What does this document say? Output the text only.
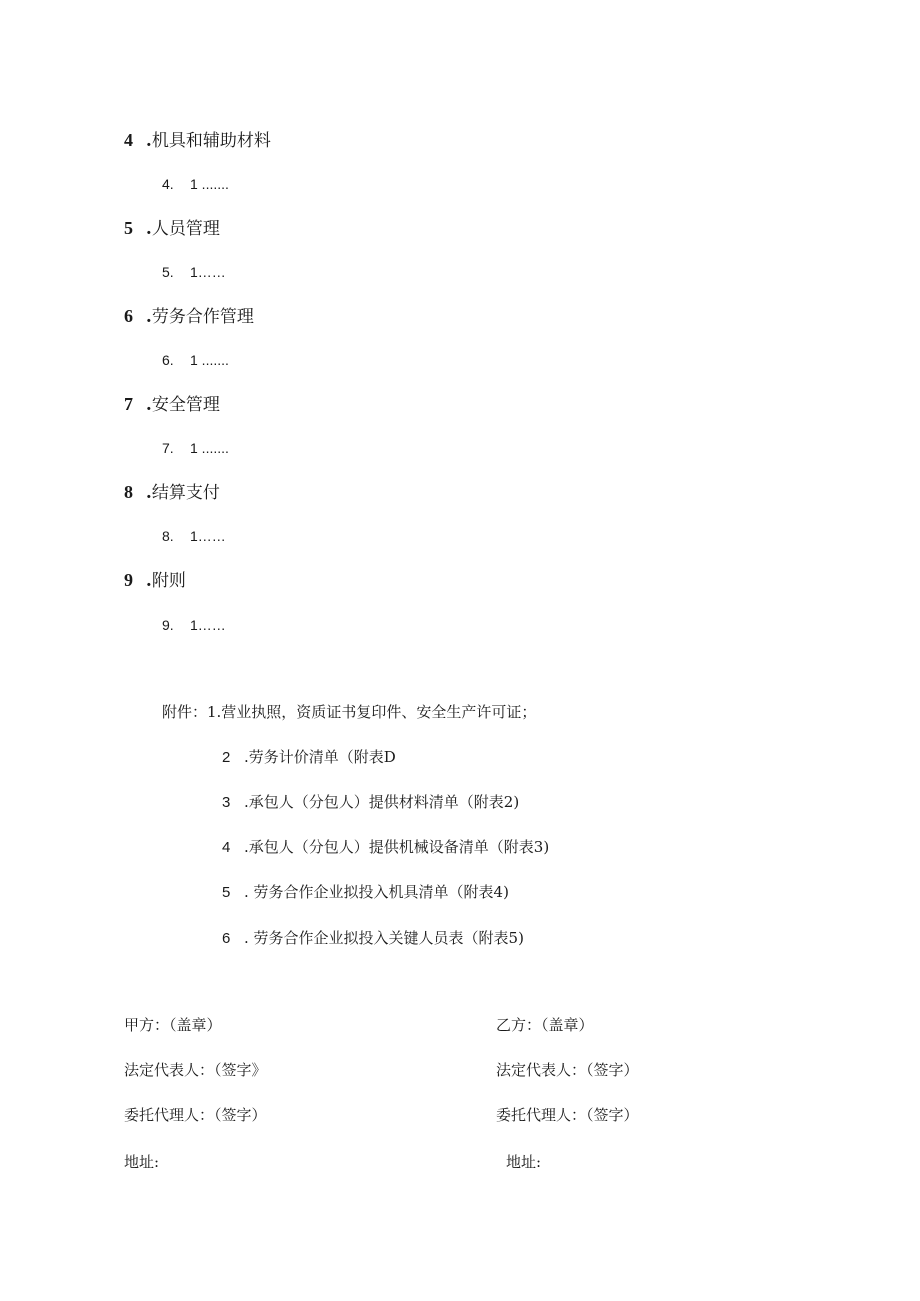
4 .机具和辅助材料
4. 1 .......
5 .人员管理
5. 1……
6 .劳务合作管理
6. 1 .......
7 .安全管理
7. 1 .......
8 .结算支付
8. 1……
9 .附则
9. 1……
附件：1.营业执照，资质证书复印件、安全生产许可证；
2 .劳务计价清单（附表D
3 .承包人（分包人）提供材料清单（附表2)
4 .承包人（分包人）提供机械设备清单（附表3)
5 . 劳务合作企业拟投入机具清单（附表4)
6 . 劳务合作企业拟投入关键人员表（附表5)
甲方：（盖章）
法定代表人：（签字》
委托代理人：（签字）
地址:
乙方：（盖章）
法定代表人：（签字）
委托代理人：（签字）
地址:
